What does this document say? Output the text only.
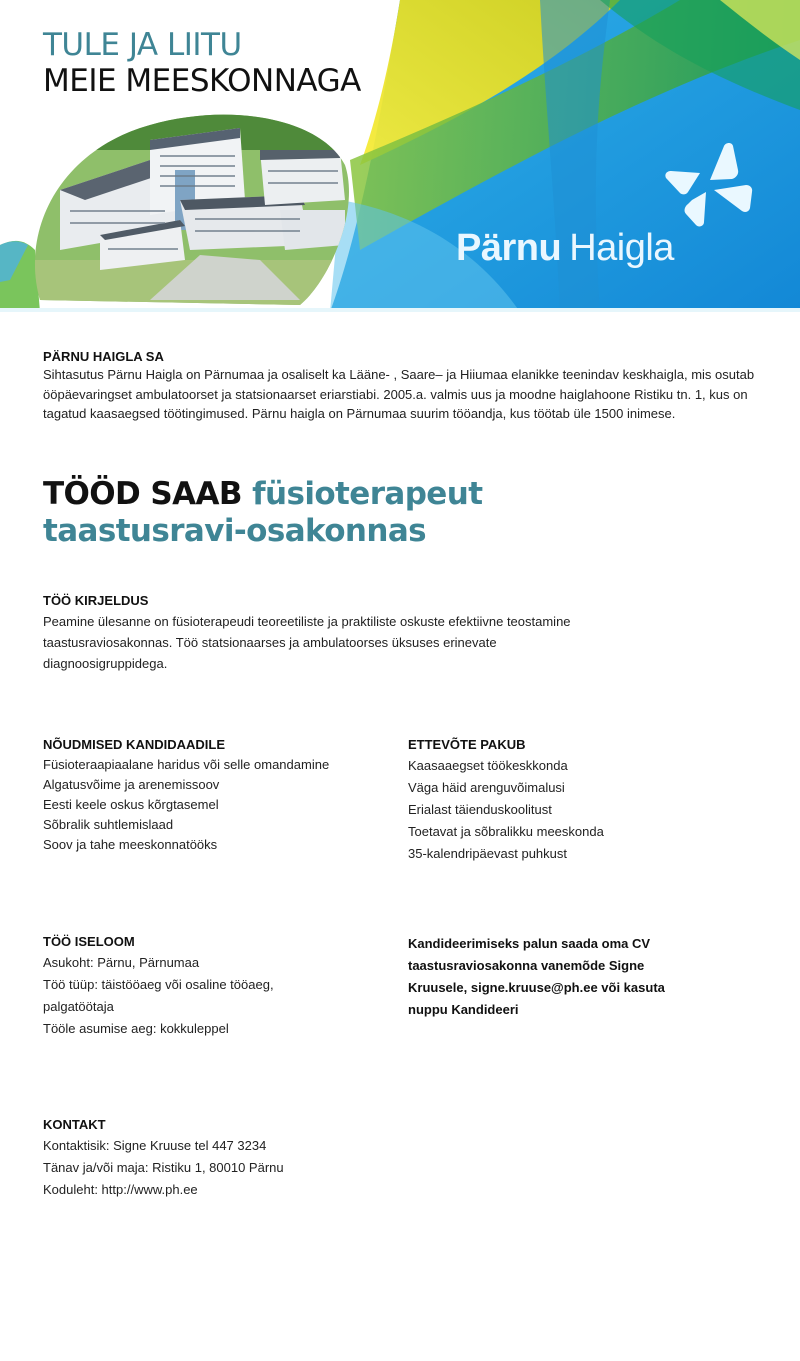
TULE JA LIITU
MEIE MEESKONNAGA
Pärnu Haigla
PÄRNU HAIGLA SA

Sihtasutus Pärnu Haigla on Pärnumaa ja osaliselt ka Lääne- , Saare– ja Hiiumaa elanikke teenindav keskhaigla, mis osutab ööpäevaringset ambulatoorset ja statsionaarset eriarstiabi. 2005.a. valmis uus ja moodne haiglahoone Ristiku tn. 1, kus on tagatud kaasaegsed töötingimused. Pärnu haigla on Pärnumaa suurim tööandja, kus töötab üle 1500 inimese.

TÖÖD SAAB füsioterapeut taastusravi-osakonnas
TÖÖ KIRJELDUS
Peamine ülesanne on füsioterapeudi teoreetiliste ja praktiliste oskuste efektiivne teostamine
taastusraviosakonnas. Töö statsionaarses ja ambulatoorses üksuses erinevate
diagnoosigruppidega.
NÕUDMISED KANDIDAADILE
Füsioteraapiaalane haridus või selle omandamine
Algatusvõime ja arenemissoov
Eesti keele oskus kõrgtasemel
Sõbralik suhtlemislaad
Soov ja tahe meeskonnatööks
ETTEVÕTE PAKUB
Kaasaaegset töökeskkonda
Väga häid arenguvõimalusi
Erialast täienduskoolitust
Toetavat ja sõbralikku meeskonda
35-kalendripäevast puhkust
TÖÖ ISELOOM
Asukoht: Pärnu, Pärnumaa
Töö tüüp: täistööaeg või osaline tööaeg,
palgatöötaja
Tööle asumise aeg: kokkuleppel
Kandideerimiseks palun saada oma CV
taastusraviosakonna vanemõde Signe
Kruusele, signe.kruuse@ph.ee või kasuta
nuppu Kandideeri
KONTAKT
Kontaktisik: Signe Kruuse tel 447 3234
Tänav ja/või maja: Ristiku 1, 80010 Pärnu
Koduleht: http://www.ph.ee
